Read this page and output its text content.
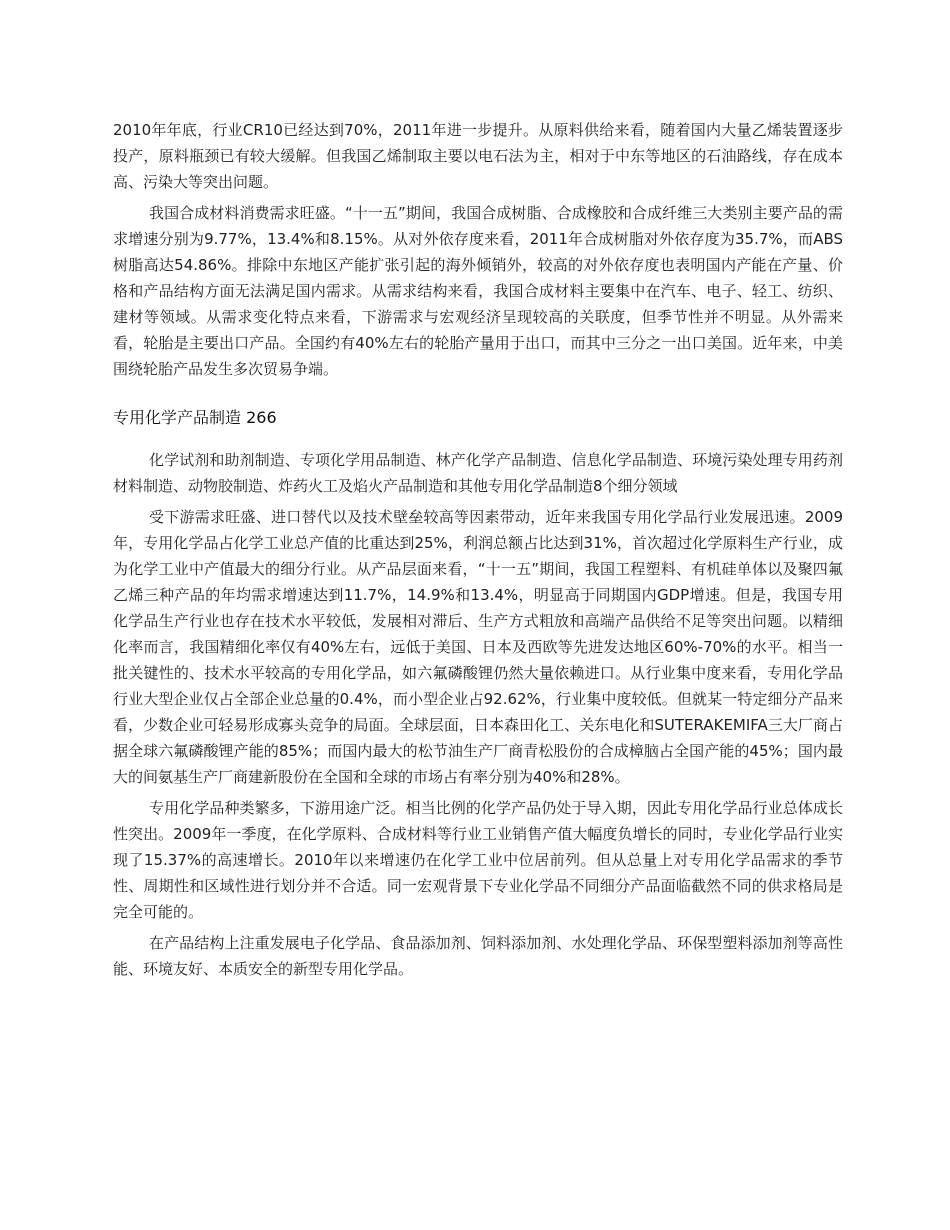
2010年年底，行业CR10已经达到70%，2011年进一步提升。从原料供给来看，随着国内大量乙烯装置逐步投产，原料瓶颈已有较大缓解。但我国乙烯制取主要以电石法为主，相对于中东等地区的石油路线，存在成本高、污染大等突出问题。

我国合成材料消费需求旺盛。“十一五”期间，我国合成树脂、合成橡胶和合成纤维三大类别主要产品的需求增速分别为9.77%，13.4%和8.15%。从对外依存度来看，2011年合成树脂对外依存度为35.7%，而ABS树脂高达54.86%。排除中东地区产能扩张引起的海外倾销外，较高的对外依存度也表明国内产能在产量、价格和产品结构方面无法满足国内需求。从需求结构来看，我国合成材料主要集中在汽车、电子、轻工、纺织、建材等领域。从需求变化特点来看，下游需求与宏观经济呈现较高的关联度，但季节性并不明显。从外需来看，轮胎是主要出口产品。全国约有40%左右的轮胎产量用于出口，而其中三分之一出口美国。近年来，中美围绕轮胎产品发生多次贸易争端。

专用化学产品制造 266

化学试剂和助剂制造、专项化学用品制造、林产化学产品制造、信息化学品制造、环境污染处理专用药剂材料制造、动物胶制造、炸药火工及焰火产品制造和其他专用化学品制造8个细分领域

受下游需求旺盛、进口替代以及技术壁垒较高等因素带动，近年来我国专用化学品行业发展迅速。2009年，专用化学品占化学工业总产值的比重达到25%，利润总额占比达到31%，首次超过化学原料生产行业，成为化学工业中产值最大的细分行业。从产品层面来看，“十一五”期间，我国工程塑料、有机硅单体以及聚四氟乙烯三种产品的年均需求增速达到11.7%，14.9%和13.4%，明显高于同期国内GDP增速。但是，我国专用化学品生产行业也存在技术水平较低，发展相对滞后、生产方式粗放和高端产品供给不足等突出问题。以精细化率而言，我国精细化率仅有40%左右，远低于美国、日本及西欧等先进发达地区60%-70%的水平。相当一批关键性的、技术水平较高的专用化学品，如六氟磷酸锂仍然大量依赖进口。从行业集中度来看，专用化学品行业大型企业仅占全部企业总量的0.4%，而小型企业占92.62%，行业集中度较低。但就某一特定细分产品来看，少数企业可轻易形成寡头竞争的局面。全球层面，日本森田化工、关东电化和SUTERAKEMIFA三大厂商占据全球六氟磷酸锂产能的85%；而国内最大的松节油生产厂商青松股份的合成樟脑占全国产能的45%；国内最大的间氨基生产厂商建新股份在全国和全球的市场占有率分别为40%和28%。

专用化学品种类繁多，下游用途广泛。相当比例的化学产品仍处于导入期，因此专用化学品行业总体成长性突出。2009年一季度，在化学原料、合成材料等行业工业销售产值大幅度负增长的同时，专业化学品行业实现了15.37%的高速增长。2010年以来增速仍在化学工业中位居前列。但从总量上对专用化学品需求的季节性、周期性和区域性进行划分并不合适。同一宏观背景下专业化学品不同细分产品面临截然不同的供求格局是完全可能的。

在产品结构上注重发展电子化学品、食品添加剂、饲料添加剂、水处理化学品、环保型塑料添加剂等高性能、环境友好、本质安全的新型专用化学品。
